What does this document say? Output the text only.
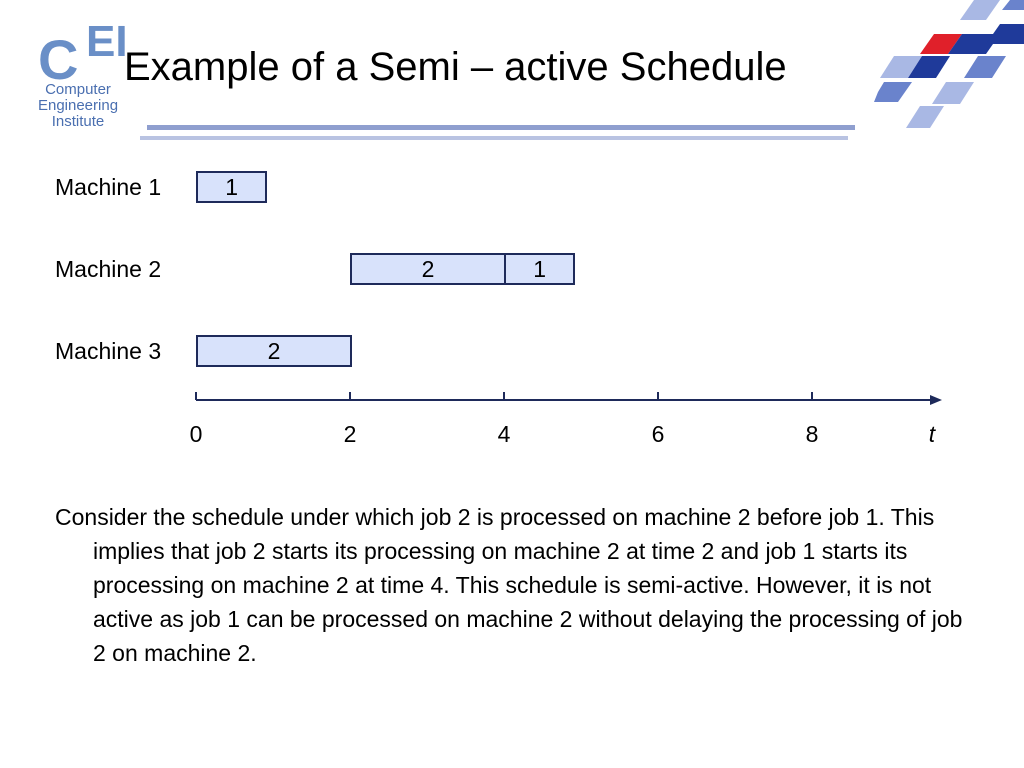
C EI
Computer
Engineering
Institute
Example of a Semi – active Schedule
Machine 1
Machine 2
Machine 3
1
2	1
2
0	2	4	6	8	t

Consider the schedule under which job 2 is processed on machine 2 before job 1. This implies that job 2 starts its processing on machine 2 at time 2 and job 1 starts its processing on machine 2 at time 4. This schedule is semi-active. However, it is not active as job 1 can be processed on machine 2 without delaying the processing of job 2 on machine 2.
